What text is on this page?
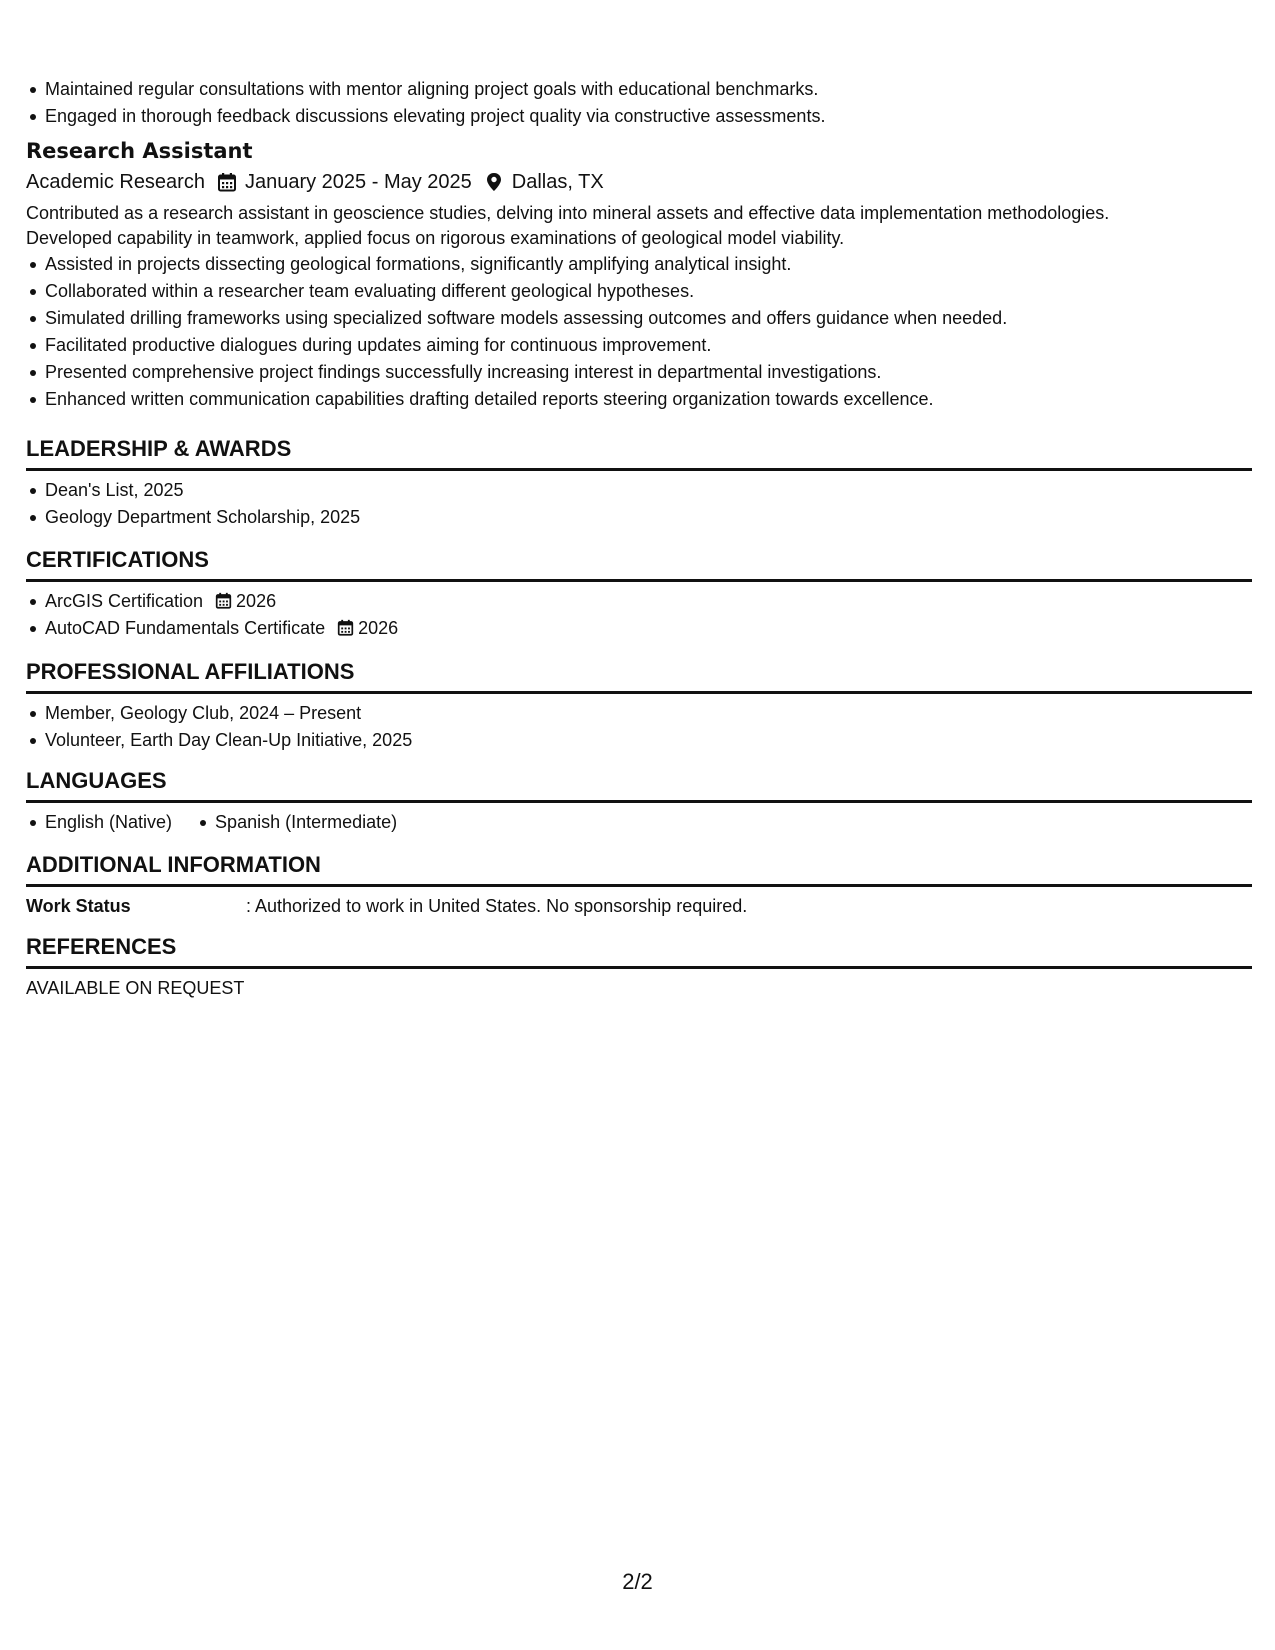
Maintained regular consultations with mentor aligning project goals with educational benchmarks.
Engaged in thorough feedback discussions elevating project quality via constructive assessments.
Research Assistant
Academic Research January 2025 - May 2025 Dallas, TX
Contributed as a research assistant in geoscience studies, delving into mineral assets and effective data implementation methodologies. Developed capability in teamwork, applied focus on rigorous examinations of geological model viability.
Assisted in projects dissecting geological formations, significantly amplifying analytical insight.
Collaborated within a researcher team evaluating different geological hypotheses.
Simulated drilling frameworks using specialized software models assessing outcomes and offers guidance when needed.
Facilitated productive dialogues during updates aiming for continuous improvement.
Presented comprehensive project findings successfully increasing interest in departmental investigations.
Enhanced written communication capabilities drafting detailed reports steering organization towards excellence.
LEADERSHIP & AWARDS
Dean's List, 2025
Geology Department Scholarship, 2025
CERTIFICATIONS
ArcGIS Certification 2026
AutoCAD Fundamentals Certificate 2026
PROFESSIONAL AFFILIATIONS
Member, Geology Club, 2024 – Present
Volunteer, Earth Day Clean-Up Initiative, 2025
LANGUAGES
English (Native)	Spanish (Intermediate)
ADDITIONAL INFORMATION
Work Status	: Authorized to work in United States. No sponsorship required.
REFERENCES
AVAILABLE ON REQUEST
2/2
